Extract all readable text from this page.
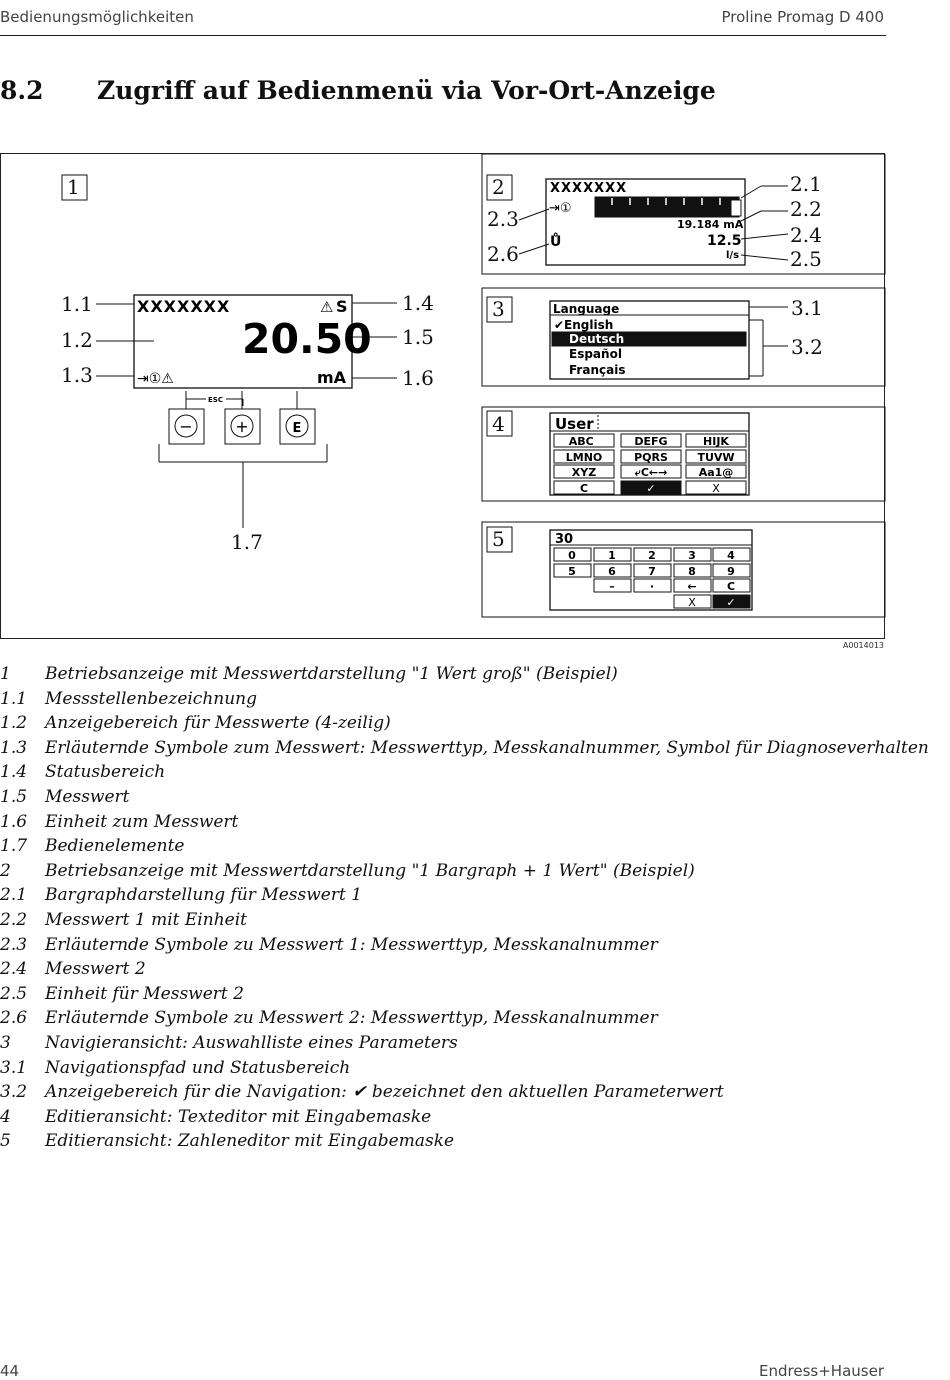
Bedienungsmöglichkeiten	Proline Promag D 400
8.2 Zugriff auf Bedienmenü via Vor-Ort-Anzeige
1
XXXXXXX	⚠ S
20.50
⇥①⚠	mA
ESC
−	+	E
1.1
1.2
1.3
1.4
1.5
1.6
1.7
2	XXXXXXX
⇥①
19.184 mA
Ů	12.5
l/s
2.1
2.2
2.3
2.4
2.5
2.6
3	Language
✔English
Deutsch
Español
Français
3.1
3.2
4	User
ABC_	DEFG	HIJK
LMNO	PQRS	TUVW
XYZ	⤶C←→	Aa1@
C	✓	X
5	30
0	1	2	3	4
5	6	7	8	9
–	·	←	C
X	✓
A0014013
1	Betriebsanzeige mit Messwertdarstellung "1 Wert groß" (Beispiel)
1.1	Messstellenbezeichnung
1.2	Anzeigebereich für Messwerte (4-zeilig)
1.3	Erläuternde Symbole zum Messwert: Messwerttyp, Messkanalnummer, Symbol für Diagnoseverhalten
1.4	Statusbereich
1.5	Messwert
1.6	Einheit zum Messwert
1.7	Bedienelemente
2	Betriebsanzeige mit Messwertdarstellung "1 Bargraph + 1 Wert" (Beispiel)
2.1	Bargraphdarstellung für Messwert 1
2.2	Messwert 1 mit Einheit
2.3	Erläuternde Symbole zu Messwert 1: Messwerttyp, Messkanalnummer
2.4	Messwert 2
2.5	Einheit für Messwert 2
2.6	Erläuternde Symbole zu Messwert 2: Messwerttyp, Messkanalnummer
3	Navigieransicht: Auswahlliste eines Parameters
3.1	Navigationspfad und Statusbereich
3.2	Anzeigebereich für die Navigation: ✔ bezeichnet den aktuellen Parameterwert
4	Editieransicht: Texteditor mit Eingabemaske
5	Editieransicht: Zahleneditor mit Eingabemaske
44	Endress+Hauser
